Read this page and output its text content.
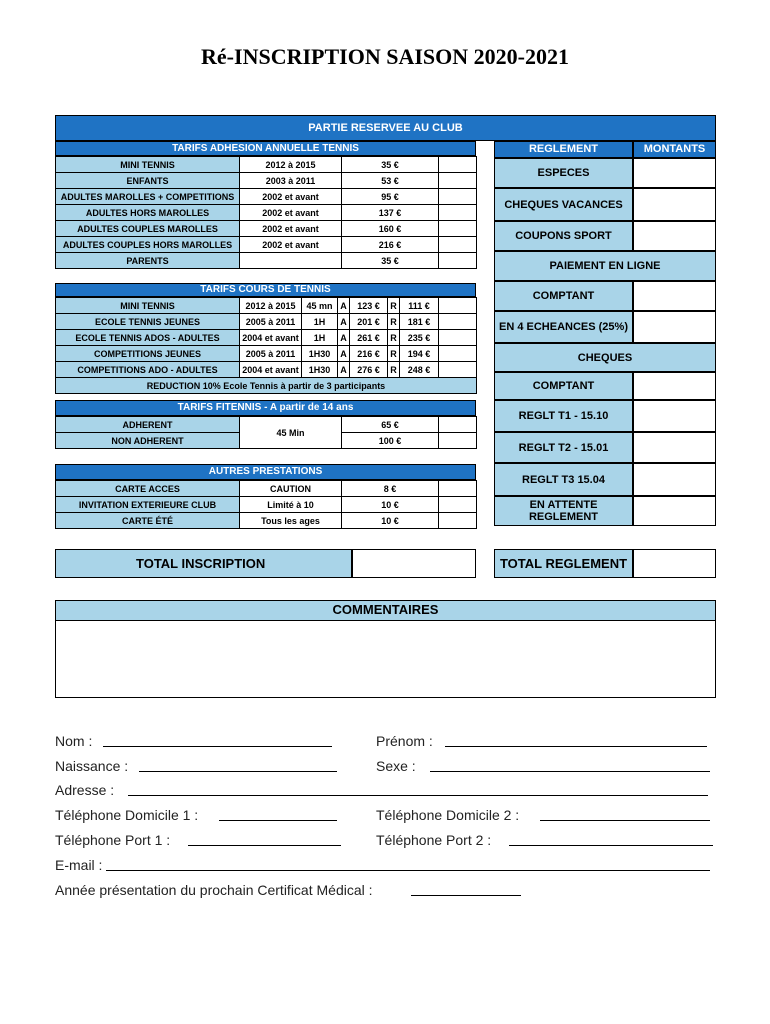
Ré-INSCRIPTION SAISON 2020-2021
PARTIE RESERVEE AU CLUB
TARIFS ADHESION ANNUELLE TENNIS
MINI TENNIS	2012 à 2015	35 €	
ENFANTS	2003 à 2011	53 €	
ADULTES MAROLLES + COMPETITIONS	2002 et avant	95 €	
ADULTES HORS MAROLLES	2002 et avant	137 €	
ADULTES COUPLES MAROLLES	2002 et avant	160 €	
ADULTES COUPLES HORS MAROLLES	2002 et avant	216 €	
PARENTS		35 €	
TARIFS COURS DE TENNIS
MINI TENNIS	2012 à 2015	45 mn	A	123 €	R	111 €	
ECOLE TENNIS JEUNES	2005 à 2011	1H	A	201 €	R	181 €	
ECOLE TENNIS ADOS - ADULTES	2004 et avant	1H	A	261 €	R	235 €	
COMPETITIONS JEUNES	2005 à 2011	1H30	A	216 €	R	194 €	
COMPETITIONS ADO - ADULTES	2004 et avant	1H30	A	276 €	R	248 €	
REDUCTION 10% Ecole Tennis à partir de 3 participants							
TARIFS FITENNIS - A partir de 14 ans
ADHERENT	45 Min	65 €	
NON ADHERENT		100 €	
AUTRES PRESTATIONS
CARTE ACCES	CAUTION	8 €	
INVITATION EXTERIEURE CLUB	Limité à 10	10 €	
CARTE ÉTÉ	Tous les ages	10 €	
REGLEMENT	MONTANTS
ESPECES
CHEQUES VACANCES
COUPONS SPORT
PAIEMENT EN LIGNE
COMPTANT
EN 4 ECHEANCES (25%)
CHEQUES
COMPTANT
REGLT T1 - 15.10
REGLT T2 - 15.01
REGLT T3 15.04
EN ATTENTE REGLEMENT
TOTAL INSCRIPTION	TOTAL REGLEMENT
COMMENTAIRES
Nom :	Prénom :
Naissance :	Sexe :
Adresse :
Téléphone Domicile 1 :	Téléphone Domicile 2 :
Téléphone Port 1 :	Téléphone Port 2 :
E-mail :
Année présentation du prochain Certificat Médical :
